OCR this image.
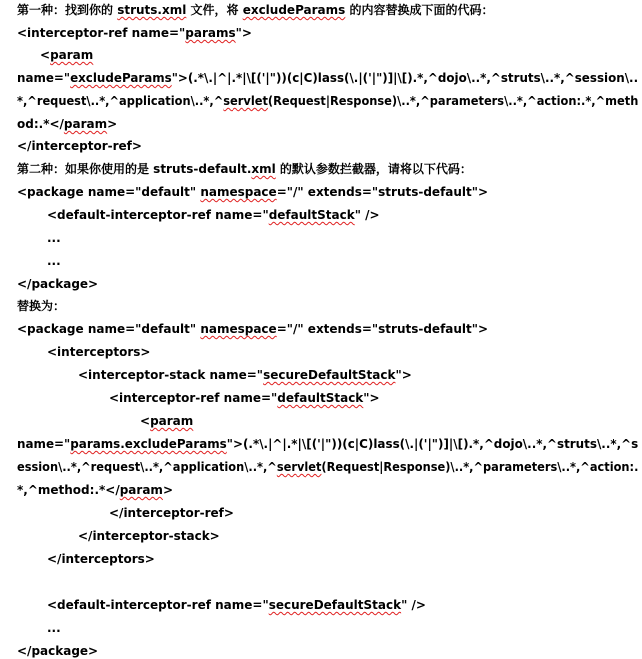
第一种：找到你的 struts.xml 文件，将 excludeParams 的内容替换成下面的代码：
<interceptor-ref name="params">
<param
name="excludeParams">(.*\.|^|.*|\[('|"))(c|C)lass(\.|('|")]|\[).*,^dojo\..*,^struts\..*,^session\..
*,^request\..*,^application\..*,^servlet(Request|Response)\..*,^parameters\..*,^action:.*,^meth
od:.*</param>
</interceptor-ref>
第二种：如果你使用的是 struts-default.xml 的默认参数拦截器，请将以下代码：
<package name="default" namespace="/" extends="struts-default">
<default-interceptor-ref name="defaultStack" />
...
...
</package>
替换为：
<package name="default" namespace="/" extends="struts-default">
<interceptors>
<interceptor-stack name="secureDefaultStack">
<interceptor-ref name="defaultStack">
<param
name="params.excludeParams">(.*\.|^|.*|\[('|"))(c|C)lass(\.|('|")]|\[).*,^dojo\..*,^struts\..*,^s
ession\..*,^request\..*,^application\..*,^servlet(Request|Response)\..*,^parameters\..*,^action:.
*,^method:.*</param>
</interceptor-ref>
</interceptor-stack>
</interceptors>
<default-interceptor-ref name="secureDefaultStack" />
...
</package>
